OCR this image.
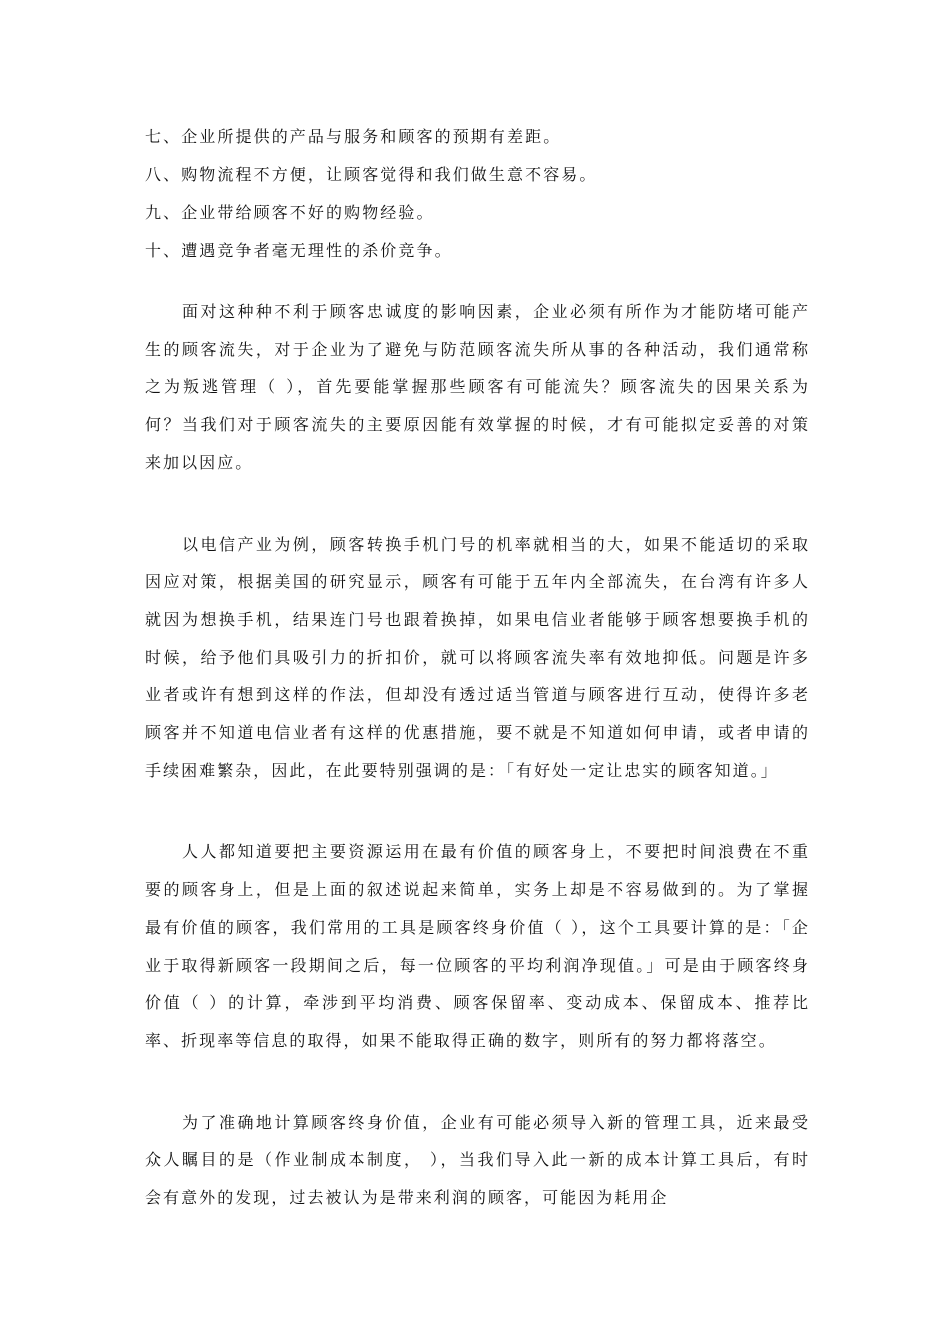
七、企业所提供的产品与服务和顾客的预期有差距。
八、购物流程不方便，让顾客觉得和我们做生意不容易。
九、企业带给顾客不好的购物经验。
十、遭遇竞争者毫无理性的杀价竞争。

面对这种种不利于顾客忠诚度的影响因素，企业必须有所作为才能防堵可能产生的顾客流失，对于企业为了避免与防范顾客流失所从事的各种活动，我们通常称之为叛逃管理（ ），首先要能掌握那些顾客有可能流失？顾客流失的因果关系为何？当我们对于顾客流失的主要原因能有效掌握的时候，才有可能拟定妥善的对策来加以因应。

以电信产业为例，顾客转换手机门号的机率就相当的大，如果不能适切的采取因应对策，根据美国的研究显示，顾客有可能于五年内全部流失，在台湾有许多人就因为想换手机，结果连门号也跟着换掉，如果电信业者能够于顾客想要换手机的时候，给予他们具吸引力的折扣价，就可以将顾客流失率有效地抑低。问题是许多业者或许有想到这样的作法，但却没有透过适当管道与顾客进行互动，使得许多老顾客并不知道电信业者有这样的优惠措施，要不就是不知道如何申请，或者申请的手续困难繁杂，因此，在此要特别强调的是：「有好处一定让忠实的顾客知道。」

人人都知道要把主要资源运用在最有价值的顾客身上，不要把时间浪费在不重要的顾客身上，但是上面的叙述说起来简单，实务上却是不容易做到的。为了掌握最有价值的顾客，我们常用的工具是顾客终身价值（ ），这个工具要计算的是：「企业于取得新顾客一段期间之后，每一位顾客的平均利润净现值。」可是由于顾客终身价值（ ）的计算，牵涉到平均消费、顾客保留率、变动成本、保留成本、推荐比率、折现率等信息的取得，如果不能取得正确的数字，则所有的努力都将落空。

为了准确地计算顾客终身价值，企业有可能必须导入新的管理工具，近来最受众人瞩目的是（作业制成本制度， ），当我们导入此一新的成本计算工具后，有时会有意外的发现，过去被认为是带来利润的顾客，可能因为耗用企
